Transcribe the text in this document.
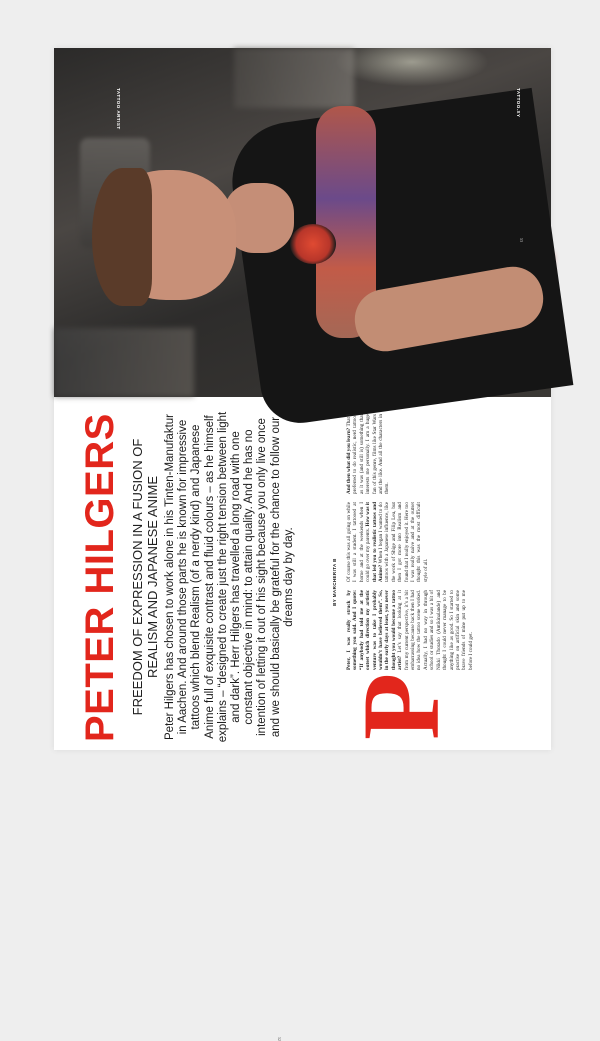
TATTOO ARTIST	TATTOO.XY
53
PETER HILGERS FREEDOM OF EXPRESSION IN A FUSION OF REALISM AND JAPANESE ANIME Peter Hilgers has chosen to work alone in his Tinten-Manufaktur in Aachen. And around those parts he is known for impressive tattoos which blend Realism (of a nerdy kind) and Japanese Anime full of exquisite contrast and fluid colours – as he himself explains – “designed to create just the right tension between light and dark”. Herr Hilgers has travelled a long road with one constant objective in mind: to attain quality. And he has no intention of letting it out of his sight because you only live once and we should basically be grateful for the chance to follow our dreams day by day.	BY MARCHERITA B
P
Peter, I was really struck by something you said. And I quote: “If anybody had told me at the outset which direction my artistic venture was to take I probably wouldn’t have believed them”. So, in the early days at least, you never thought you would become a tattoo artist? Let’s say that looking at it from my current perspective, it’s a bit embarrassing because back then I had no idea how the tattoo scene worked. Actually, I had no way in through school or studies and so I was a bit of Nikki Thorado (Antikinalande) and thought I could never manage to be anything like as good. So I started to practise on artificial skin and some brave friends of mine put up to me before I could get.
Of course this was all going on while I was still a student. I tattooed at home and at the weekends when I could go over my parents. How was it that led you to realistic tattoos and Anime? When I began I wanted to do tattoos with a Japanese influence, like the work of Shige and Filip Leu, but then I got more into Realism and found that I really enjoyed it. Here too I was really naive and at the outset thought this was the most difficult style of all.
And then what did you learn? That I preferred to do realistic, nerd tattoos as it was (and still is) something that interests me personally. I am a huge fan of this genre, films like Star Wars and the like. And all the characters in them.
52
